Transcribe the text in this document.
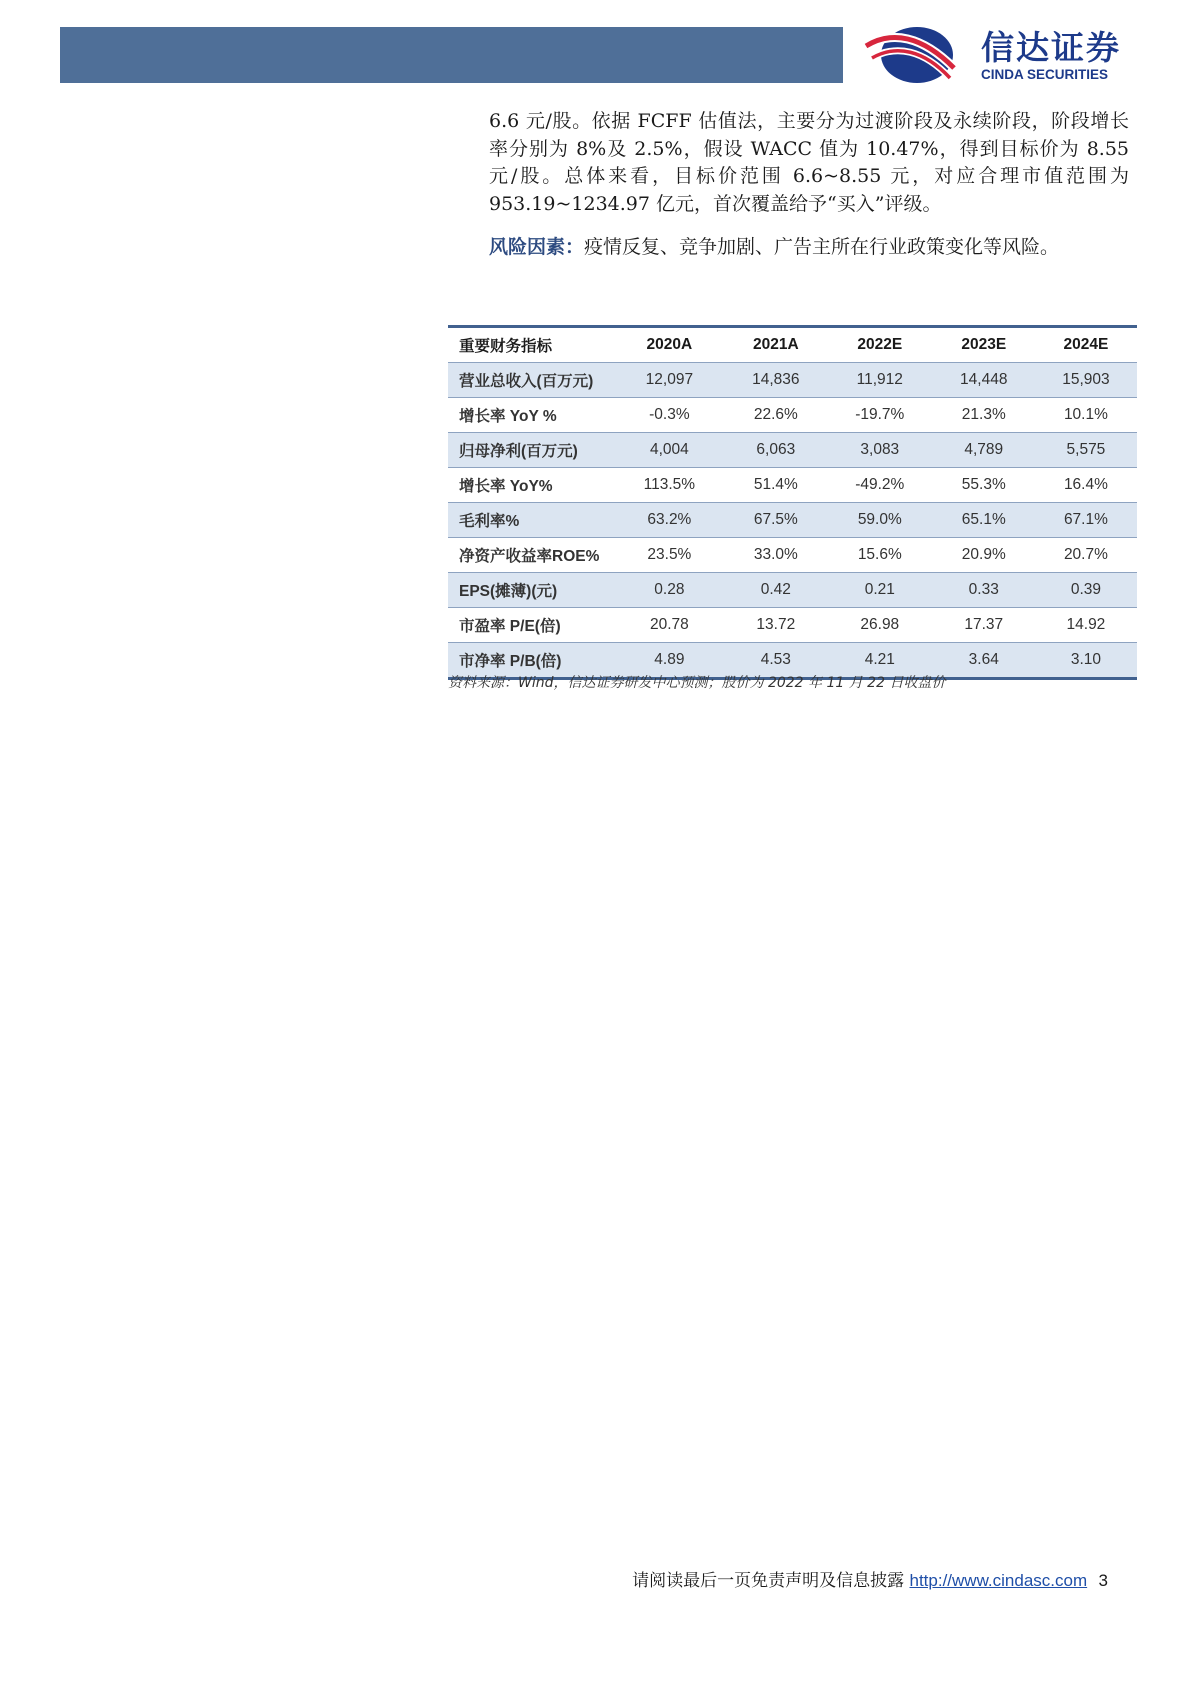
信达证券
CINDA SECURITIES
6.6 元/股。依据 FCFF 估值法，主要分为过渡阶段及永续阶段，阶段增长率分别为 8%及 2.5%，假设 WACC 值为 10.47%，得到目标价为 8.55 元/股。总体来看，目标价范围 6.6~8.55 元，对应合理市值范围为 953.19~1234.97 亿元，首次覆盖给予“买入”评级。
风险因素：疫情反复、竞争加剧、广告主所在行业政策变化等风险。
重要财务指标	2020A	2021A	2022E	2023E	2024E
营业总收入(百万元)	12,097	14,836	11,912	14,448	15,903
增长率 YoY %	-0.3%	22.6%	-19.7%	21.3%	10.1%
归母净利(百万元)	4,004	6,063	3,083	4,789	5,575
增长率 YoY%	113.5%	51.4%	-49.2%	55.3%	16.4%
毛利率%	63.2%	67.5%	59.0%	65.1%	67.1%
净资产收益率ROE%	23.5%	33.0%	15.6%	20.9%	20.7%
EPS(摊薄)(元)	0.28	0.42	0.21	0.33	0.39
市盈率 P/E(倍)	20.78	13.72	26.98	17.37	14.92
市净率 P/B(倍)	4.89	4.53	4.21	3.64	3.10
资料来源：Wind，信达证券研发中心预测；股价为 2022 年 11 月 22 日收盘价
请阅读最后一页免责声明及信息披露 http://www.cindasc.com 3
